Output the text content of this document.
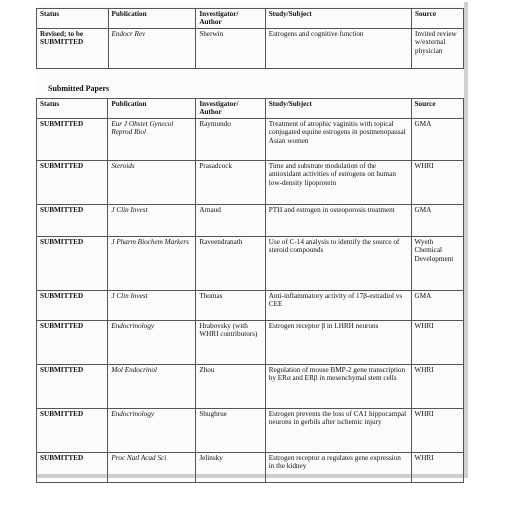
Status	Publication	Investigator/ Author	Study/Subject	Source
Revised; to be SUBMITTED	Endocr Rev	Sherwin	Estrogens and cognitive function	Invited review w/external physician
Submitted Papers
Status	Publication	Investigator/ Author	Study/Subject	Source
SUBMITTED	Eur J Obstet Gynecol Reprod Biol	Raymundo	Treatment of atrophic vaginitis with topical conjugated equine estrogens in postmenopausal Asian women	GMA
SUBMITTED	Steroids	Prasadcock	Time and substrate modulation of the antioxidant activities of estrogens on human low-density lipoprotein	WHRI
SUBMITTED	J Clin Invest	Arnaud	PTH and estrogen in osteoporosis treatment	GMA
SUBMITTED	J Pharm Biochem Markers	Raveendranath	Use of C-14 analysis to identify the source of steroid compounds	Wyeth Chemical Development
SUBMITTED	J Clin Invest	Thomas	Anti-inflammatory activity of 17β-estradiol vs CEE	GMA
SUBMITTED	Endocrinology	Hrabovsky (with WHRI contributors)	Estrogen receptor β in LHRH neurons	WHRI
SUBMITTED	Mol Endocrinol	Zhou	Regulation of mouse BMP-2 gene transcription by ERα and ERβ in mesenchymal stem cells	WHRI
SUBMITTED	Endocrinology	Shughrue	Estrogen prevents the loss of CA1 hippocampal neurons in gerbils after ischemic injury	WHRI
SUBMITTED	Proc Natl Acad Sci	Jelinsky	Estrogen receptor α regulates gene expression in the kidney	WHRI
